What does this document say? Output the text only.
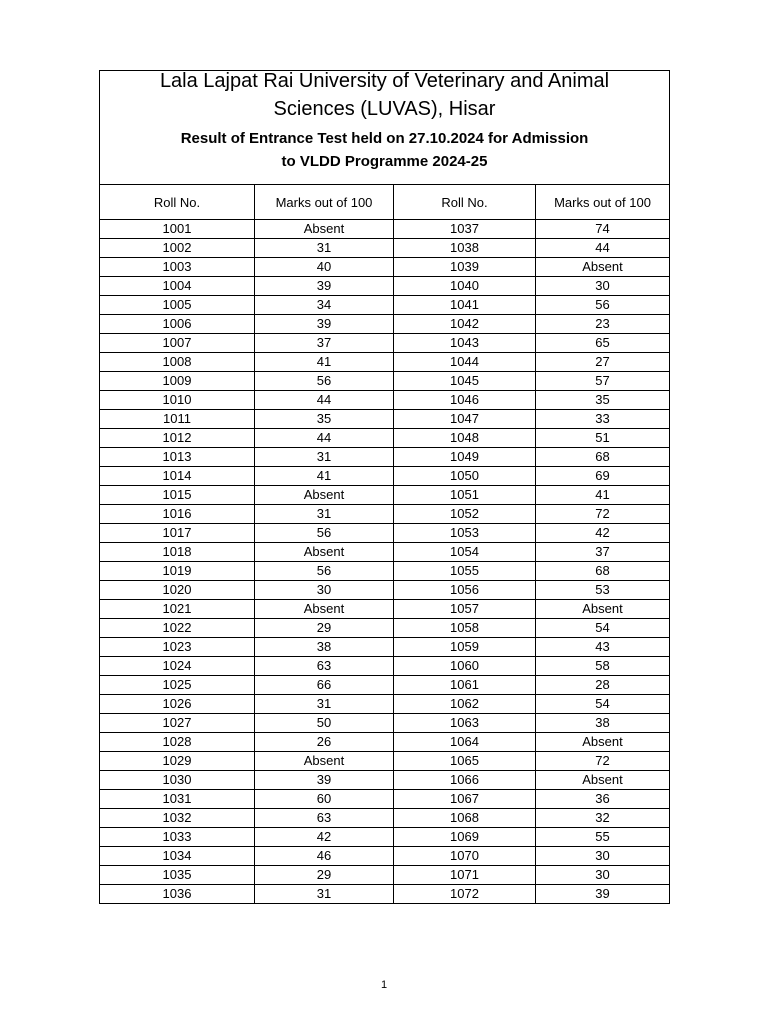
Lala Lajpat Rai University of Veterinary and Animal
Sciences (LUVAS), Hisar
Result of Entrance Test held on 27.10.2024 for Admission
to VLDD Programme 2024-25			

Roll No.	Marks out of 100	Roll No.	Marks out of 100
1001	Absent	1037	74
1002	31	1038	44
1003	40	1039	Absent
1004	39	1040	30
1005	34	1041	56
1006	39	1042	23
1007	37	1043	65
1008	41	1044	27
1009	56	1045	57
1010	44	1046	35
1011	35	1047	33
1012	44	1048	51
1013	31	1049	68
1014	41	1050	69
1015	Absent	1051	41
1016	31	1052	72
1017	56	1053	42
1018	Absent	1054	37
1019	56	1055	68
1020	30	1056	53
1021	Absent	1057	Absent
1022	29	1058	54
1023	38	1059	43
1024	63	1060	58
1025	66	1061	28
1026	31	1062	54
1027	50	1063	38
1028	26	1064	Absent
1029	Absent	1065	72
1030	39	1066	Absent
1031	60	1067	36
1032	63	1068	32
1033	42	1069	55
1034	46	1070	30
1035	29	1071	30
1036	31	1072	39
1
